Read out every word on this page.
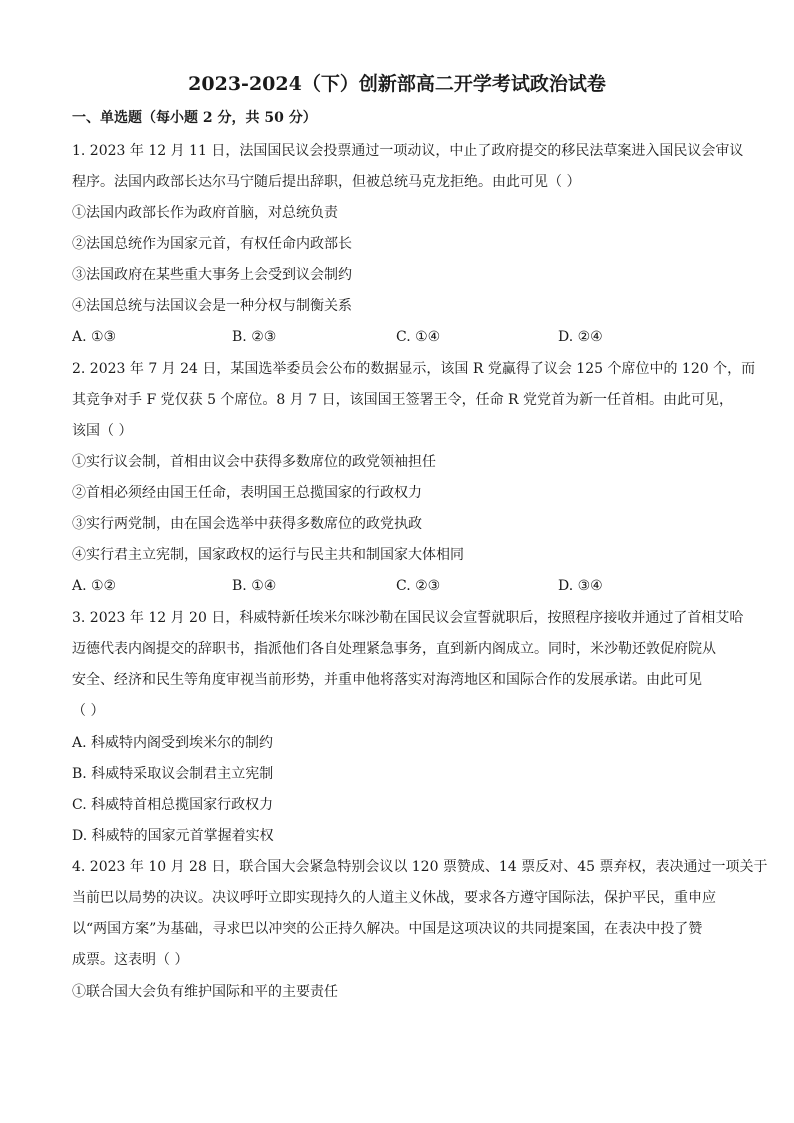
2023-2024（下）创新部高二开学考试政治试卷
一、单选题（每小题 2 分，共 50 分）
1. 2023 年 12 月 11 日，法国国民议会投票通过一项动议，中止了政府提交的移民法草案进入国民议会审议
程序。法国内政部长达尔马宁随后提出辞职，但被总统马克龙拒绝。由此可见（ ）
①法国内政部长作为政府首脑，对总统负责
②法国总统作为国家元首，有权任命内政部长
③法国政府在某些重大事务上会受到议会制约
④法国总统与法国议会是一种分权与制衡关系
A. ①③	B. ②③	C. ①④	D. ②④
2. 2023 年 7 月 24 日，某国选举委员会公布的数据显示，该国 R 党赢得了议会 125 个席位中的 120 个，而
其竞争对手 F 党仅获 5 个席位。8 月 7 日，该国国王签署王令，任命 R 党党首为新一任首相。由此可见，
该国（ ）
①实行议会制，首相由议会中获得多数席位的政党领袖担任
②首相必须经由国王任命，表明国王总揽国家的行政权力
③实行两党制，由在国会选举中获得多数席位的政党执政
④实行君主立宪制，国家政权的运行与民主共和制国家大体相同
A. ①②	B. ①④	C. ②③	D. ③④
3. 2023 年 12 月 20 日，科威特新任埃米尔咪沙勒在国民议会宣誓就职后，按照程序接收并通过了首相艾哈
迈德代表内阁提交的辞职书，指派他们各自处理紧急事务，直到新内阁成立。同时，米沙勒还敦促府院从
安全、经济和民生等角度审视当前形势，并重申他将落实对海湾地区和国际合作的发展承诺。由此可见
（ ）
A. 科威特内阁受到埃米尔的制约
B. 科威特采取议会制君主立宪制
C. 科威特首相总揽国家行政权力
D. 科威特的国家元首掌握着实权
4. 2023 年 10 月 28 日，联合国大会紧急特别会议以 120 票赞成、14 票反对、45 票弃权，表决通过一项关于
当前巴以局势的决议。决议呼吁立即实现持久的人道主义休战，要求各方遵守国际法，保护平民，重申应
以“两国方案”为基础，寻求巴以冲突的公正持久解决。中国是这项决议的共同提案国，在表决中投了赞
成票。这表明（ ）
①联合国大会负有维护国际和平的主要责任
